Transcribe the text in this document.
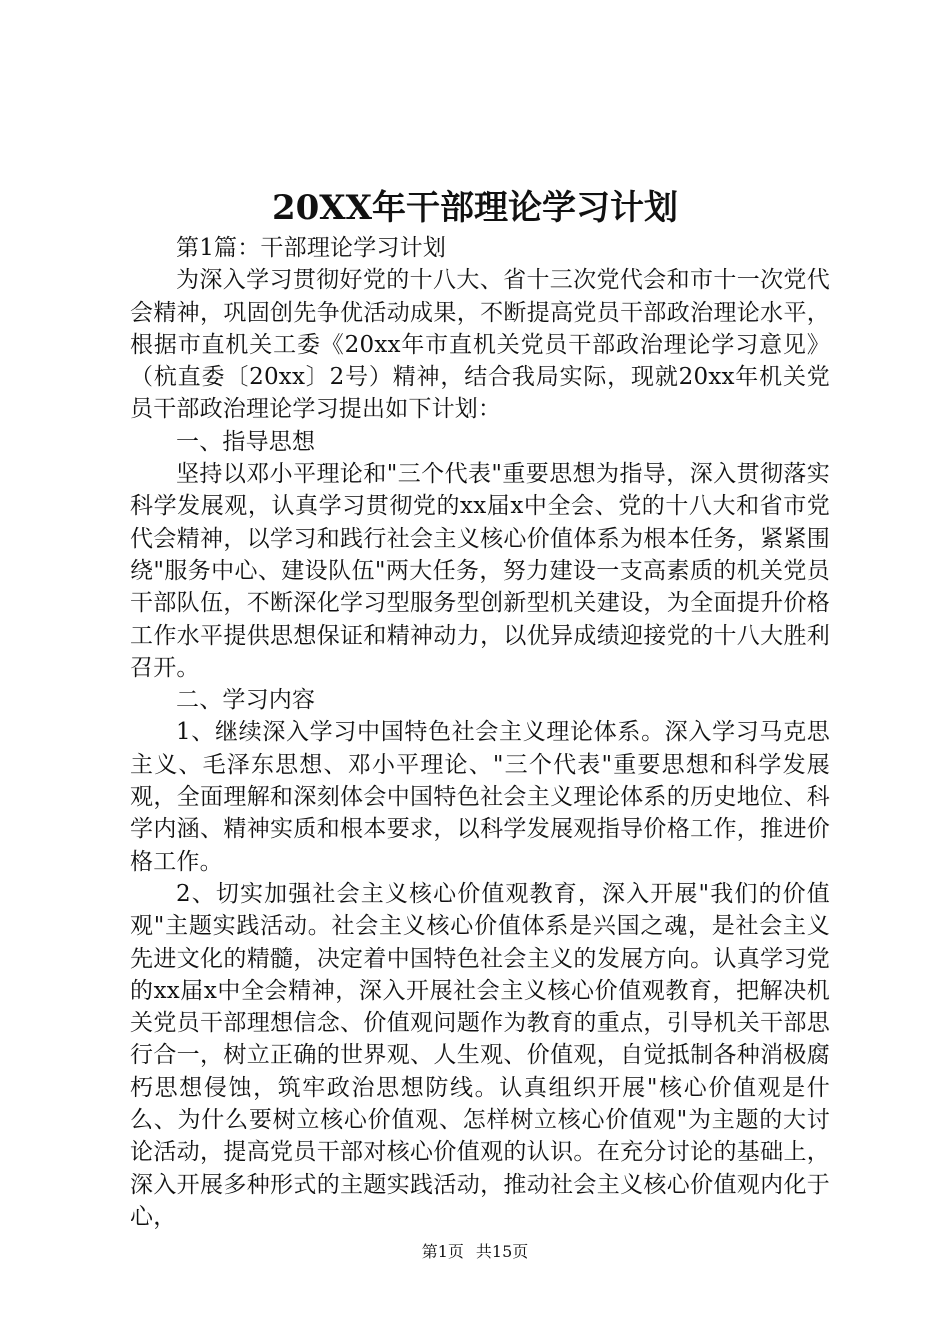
20XX年干部理论学习计划

第1篇：干部理论学习计划

为深入学习贯彻好党的十八大、省十三次党代会和市十一次党代会精神，巩固创先争优活动成果，不断提高党员干部政治理论水平，根据市直机关工委《20xx年市直机关党员干部政治理论学习意见》（杭直委〔20xx〕2号）精神，结合我局实际，现就20xx年机关党员干部政治理论学习提出如下计划：

一、指导思想

坚持以邓小平理论和"三个代表"重要思想为指导，深入贯彻落实科学发展观，认真学习贯彻党的xx届x中全会、党的十八大和省市党代会精神，以学习和践行社会主义核心价值体系为根本任务，紧紧围绕"服务中心、建设队伍"两大任务，努力建设一支高素质的机关党员干部队伍，不断深化学习型服务型创新型机关建设，为全面提升价格工作水平提供思想保证和精神动力，以优异成绩迎接党的十八大胜利召开。

二、学习内容

1、继续深入学习中国特色社会主义理论体系。深入学习马克思主义、毛泽东思想、邓小平理论、"三个代表"重要思想和科学发展观，全面理解和深刻体会中国特色社会主义理论体系的历史地位、科学内涵、精神实质和根本要求，以科学发展观指导价格工作，推进价格工作。

2、切实加强社会主义核心价值观教育，深入开展"我们的价值观"主题实践活动。社会主义核心价值体系是兴国之魂，是社会主义先进文化的精髓，决定着中国特色社会主义的发展方向。认真学习党的xx届x中全会精神，深入开展社会主义核心价值观教育，把解决机关党员干部理想信念、价值观问题作为教育的重点，引导机关干部思行合一，树立正确的世界观、人生观、价值观，自觉抵制各种消极腐朽思想侵蚀，筑牢政治思想防线。认真组织开展"核心价值观是什么、为什么要树立核心价值观、怎样树立核心价值观"为主题的大讨论活动，提高党员干部对核心价值观的认识。在充分讨论的基础上，深入开展多种形式的主题实践活动，推动社会主义核心价值观内化于心，

第1页 共15页
